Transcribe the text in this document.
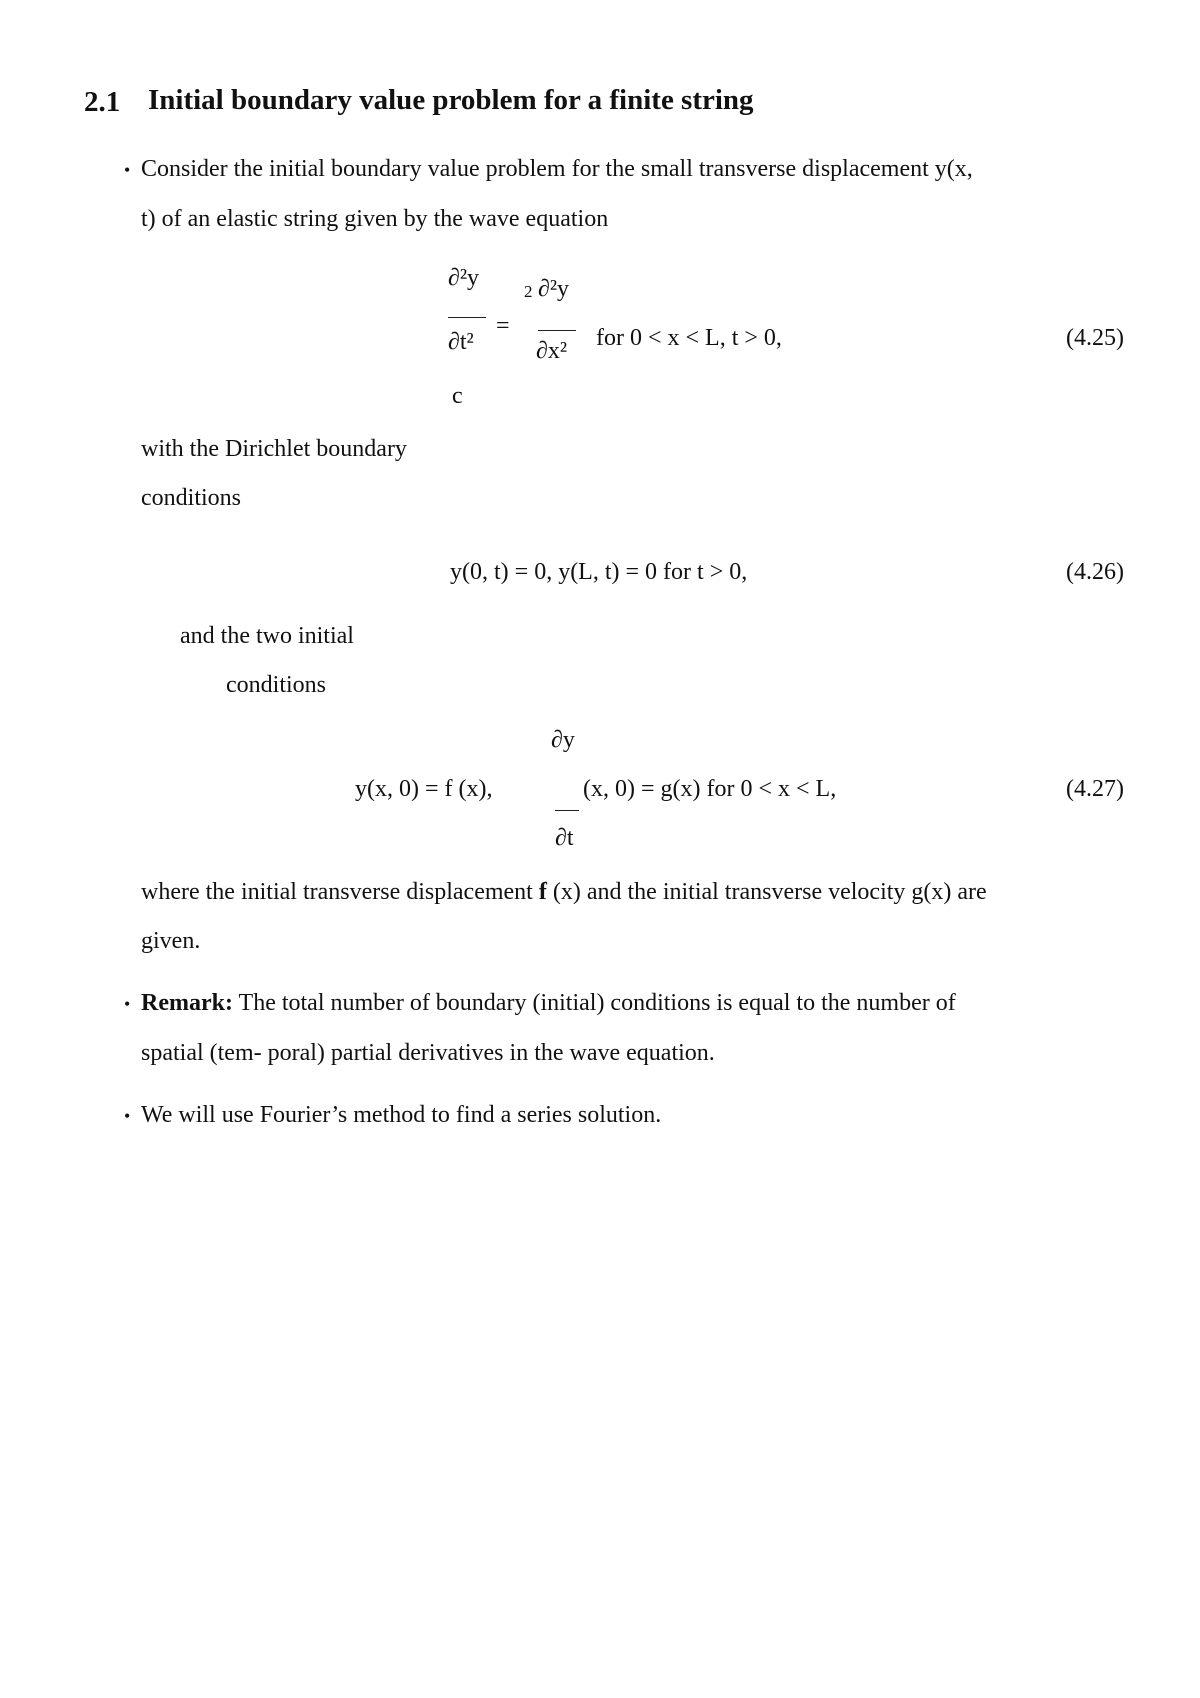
2.1 Initial boundary value problem for a finite string
• Consider the initial boundary value problem for the small transverse displacement y(x,
t) of an elastic string given by the wave equation
∂²y
=
∂t²
2 ∂²y
∂x² for 0 < x < L, t > 0,	(4.25)
c
with the Dirichlet boundary
conditions
y(0, t) = 0, y(L, t) = 0 for t > 0,	(4.26)
and the two initial
conditions
∂y
y(x, 0) = f (x),	(x, 0) = g(x) for 0 < x < L,	(4.27)
∂t
where the initial transverse displacement f (x) and the initial transverse velocity g(x) are
given.
• Remark: The total number of boundary (initial) conditions is equal to the number of
spatial (tem- poral) partial derivatives in the wave equation.
• We will use Fourier’s method to find a series solution.
